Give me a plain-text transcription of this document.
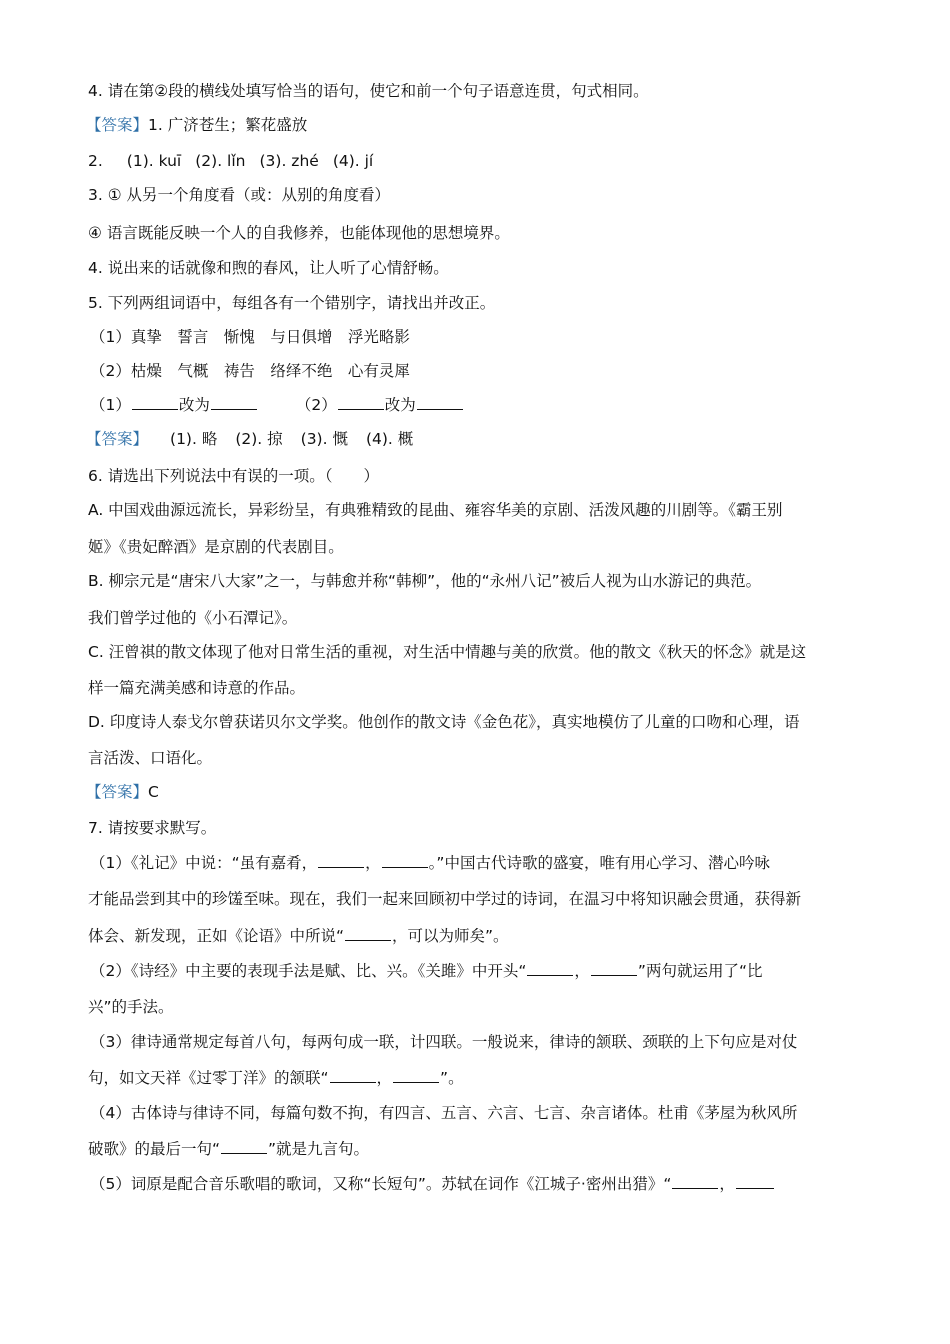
4. 请在第②段的横线处填写恰当的语句，使它和前一个句子语意连贯，句式相同。
【答案】1. 广济苍生；繁花盛放
2. (1). kuī (2). lǐn (3). zhé (4). jí
3. ① 从另一个角度看（或：从别的角度看）
④ 语言既能反映一个人的自我修养，也能体现他的思想境界。
4. 说出来的话就像和煦的春风，让人听了心情舒畅。
5. 下列两组词语中，每组各有一个错别字，请找出并改正。
（1）真挚　誓言　惭愧　与日俱增　浮光略影
（2）枯燥　气概　祷告　络绎不绝　心有灵犀
（1）	改为	（2）	改为
【答案】 (1). 略 (2). 掠 (3). 慨 (4). 概
6. 请选出下列说法中有误的一项。（　　）
A. 中国戏曲源远流长，异彩纷呈，有典雅精致的昆曲、雍容华美的京剧、活泼风趣的川剧等。《霸王别
姬》《贵妃醉酒》是京剧的代表剧目。
B. 柳宗元是“唐宋八大家”之一，与韩愈并称“韩柳”，他的“永州八记”被后人视为山水游记的典范。
我们曾学过他的《小石潭记》。
C. 汪曾祺的散文体现了他对日常生活的重视，对生活中情趣与美的欣赏。他的散文《秋天的怀念》就是这
样一篇充满美感和诗意的作品。
D. 印度诗人泰戈尔曾获诺贝尔文学奖。他创作的散文诗《金色花》，真实地模仿了儿童的口吻和心理，语
言活泼、口语化。
【答案】C
7. 请按要求默写。
（1）《礼记》中说：“虽有嘉肴，	，	。”中国古代诗歌的盛宴，唯有用心学习、潜心吟咏
才能品尝到其中的珍馐至味。现在，我们一起来回顾初中学过的诗词，在温习中将知识融会贯通，获得新
体会、新发现，正如《论语》中所说“	，可以为师矣”。
（2）《诗经》中主要的表现手法是赋、比、兴。《关雎》中开头“	，	”两句就运用了“比
兴”的手法。
（3）律诗通常规定每首八句，每两句成一联，计四联。一般说来，律诗的颔联、颈联的上下句应是对仗
句，如文天祥《过零丁洋》的颔联“	，	”。
（4）古体诗与律诗不同，每篇句数不拘，有四言、五言、六言、七言、杂言诸体。杜甫《茅屋为秋风所
破歌》的最后一句“	”就是九言句。
（5）词原是配合音乐歌唱的歌词，又称“长短句”。苏轼在词作《江城子·密州出猎》“	，
